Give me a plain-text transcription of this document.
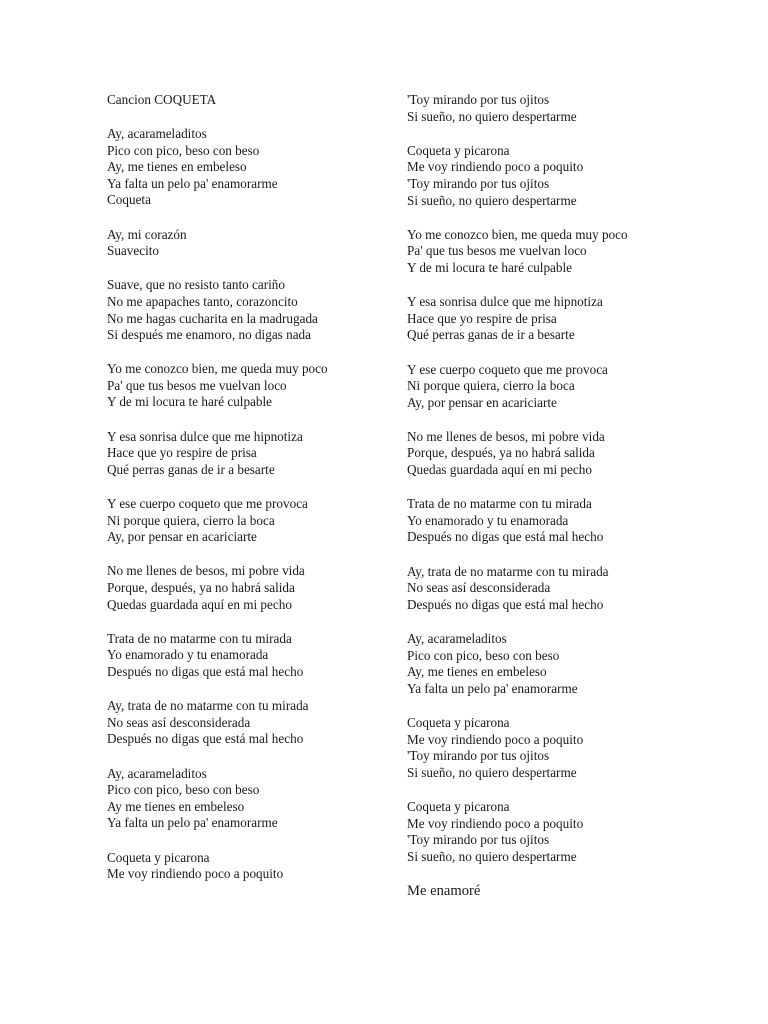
Cancion COQUETA
Ay, acarameladitos
Pico con pico, beso con beso
Ay, me tienes en embeleso
Ya falta un pelo pa' enamorarme
Coqueta
Ay, mi corazón
Suavecito
Suave, que no resisto tanto cariño
No me apapaches tanto, corazoncito
No me hagas cucharita en la madrugada
Si después me enamoro, no digas nada
Yo me conozco bien, me queda muy poco
Pa' que tus besos me vuelvan loco
Y de mi locura te haré culpable
Y esa sonrisa dulce que me hipnotiza
Hace que yo respire de prisa
Qué perras ganas de ir a besarte
Y ese cuerpo coqueto que me provoca
Ni porque quiera, cierro la boca
Ay, por pensar en acariciarte
No me llenes de besos, mi pobre vida
Porque, después, ya no habrá salida
Quedas guardada aquí en mi pecho
Trata de no matarme con tu mirada
Yo enamorado y tu enamorada
Después no digas que está mal hecho
Ay, trata de no matarme con tu mirada
No seas así desconsiderada
Después no digas que está mal hecho
Ay, acarameladitos
Pico con pico, beso con beso
Ay me tienes en embeleso
Ya falta un pelo pa' enamorarme
Coqueta y picarona
Me voy rindiendo poco a poquito
'Toy mirando por tus ojitos
Si sueño, no quiero despertarme
Coqueta y picarona
Me voy rindiendo poco a poquito
'Toy mirando por tus ojitos
Si sueño, no quiero despertarme
Yo me conozco bien, me queda muy poco
Pa' que tus besos me vuelvan loco
Y de mi locura te haré culpable
Y esa sonrisa dulce que me hipnotiza
Hace que yo respire de prisa
Qué perras ganas de ir a besarte
Y ese cuerpo coqueto que me provoca
Ni porque quiera, cierro la boca
Ay, por pensar en acariciarte
No me llenes de besos, mi pobre vida
Porque, después, ya no habrá salida
Quedas guardada aquí en mi pecho
Trata de no matarme con tu mirada
Yo enamorado y tu enamorada
Después no digas que está mal hecho
Ay, trata de no matarme con tu mirada
No seas así desconsiderada
Después no digas que está mal hecho
Ay, acarameladitos
Pico con pico, beso con beso
Ay, me tienes en embeleso
Ya falta un pelo pa' enamorarme
Coqueta y picarona
Me voy rindiendo poco a poquito
'Toy mirando por tus ojitos
Si sueño, no quiero despertarme
Coqueta y picarona
Me voy rindiendo poco a poquito
'Toy mirando por tus ojitos
Si sueño, no quiero despertarme
Me enamoré
